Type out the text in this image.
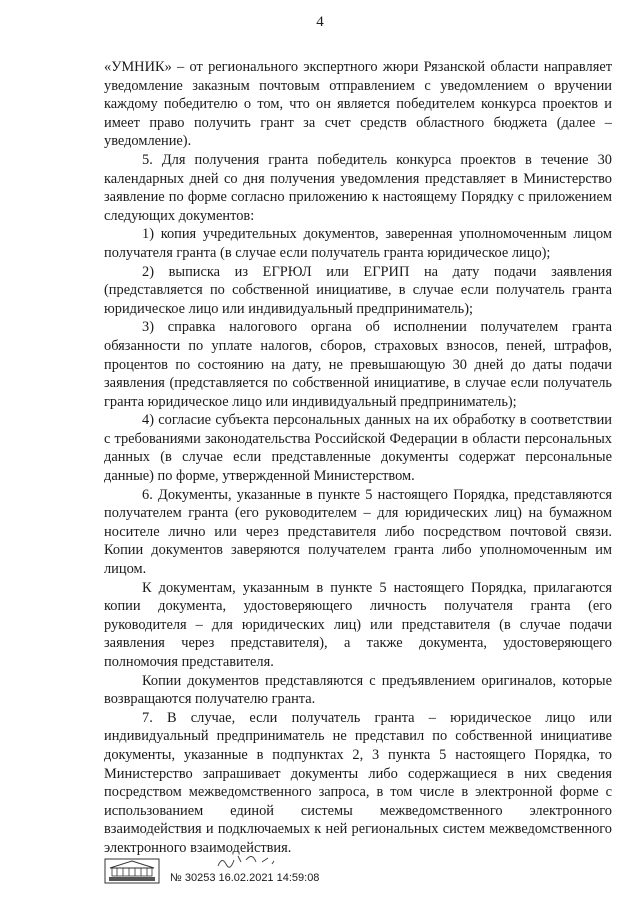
4

«УМНИК» – от регионального экспертного жюри Рязанской области направляет уведомление заказным почтовым отправлением с уведомлением о вручении каждому победителю о том, что он является победителем конкурса проектов и имеет право получить грант за счет средств областного бюджета (далее – уведомление).

5. Для получения гранта победитель конкурса проектов в течение 30 календарных дней со дня получения уведомления представляет в Министерство заявление по форме согласно приложению к настоящему Порядку с приложением следующих документов:

1) копия учредительных документов, заверенная уполномоченным лицом получателя гранта (в случае если получатель гранта юридическое лицо);

2) выписка из ЕГРЮЛ или ЕГРИП на дату подачи заявления (представляется по собственной инициативе, в случае если получатель гранта юридическое лицо или индивидуальный предприниматель);

3) справка налогового органа об исполнении получателем гранта обязанности по уплате налогов, сборов, страховых взносов, пеней, штрафов, процентов по состоянию на дату, не превышающую 30 дней до даты подачи заявления (представляется по собственной инициативе, в случае если получатель гранта юридическое лицо или индивидуальный предприниматель);

4) согласие субъекта персональных данных на их обработку в соответствии с требованиями законодательства Российской Федерации в области персональных данных (в случае если представленные документы содержат персональные данные) по форме, утвержденной Министерством.

6. Документы, указанные в пункте 5 настоящего Порядка, представляются получателем гранта (его руководителем – для юридических лиц) на бумажном носителе лично или через представителя либо посредством почтовой связи. Копии документов заверяются получателем гранта либо уполномоченным им лицом.

К документам, указанным в пункте 5 настоящего Порядка, прилагаются копии документа, удостоверяющего личность получателя гранта (его руководителя – для юридических лиц) или представителя (в случае подачи заявления через представителя), а также документа, удостоверяющего полномочия представителя.

Копии документов представляются с предъявлением оригиналов, которые возвращаются получателю гранта.

7. В случае, если получатель гранта – юридическое лицо или индивидуальный предприниматель не представил по собственной инициативе документы, указанные в подпунктах 2, 3 пункта 5 настоящего Порядка, то Министерство запрашивает документы либо содержащиеся в них сведения посредством межведомственного запроса, в том числе в электронной форме с использованием единой системы межведомственного электронного взаимодействия и подключаемых к ней региональных систем межведомственного электронного взаимодействия.

№ 30253 16.02.2021 14:59:08
